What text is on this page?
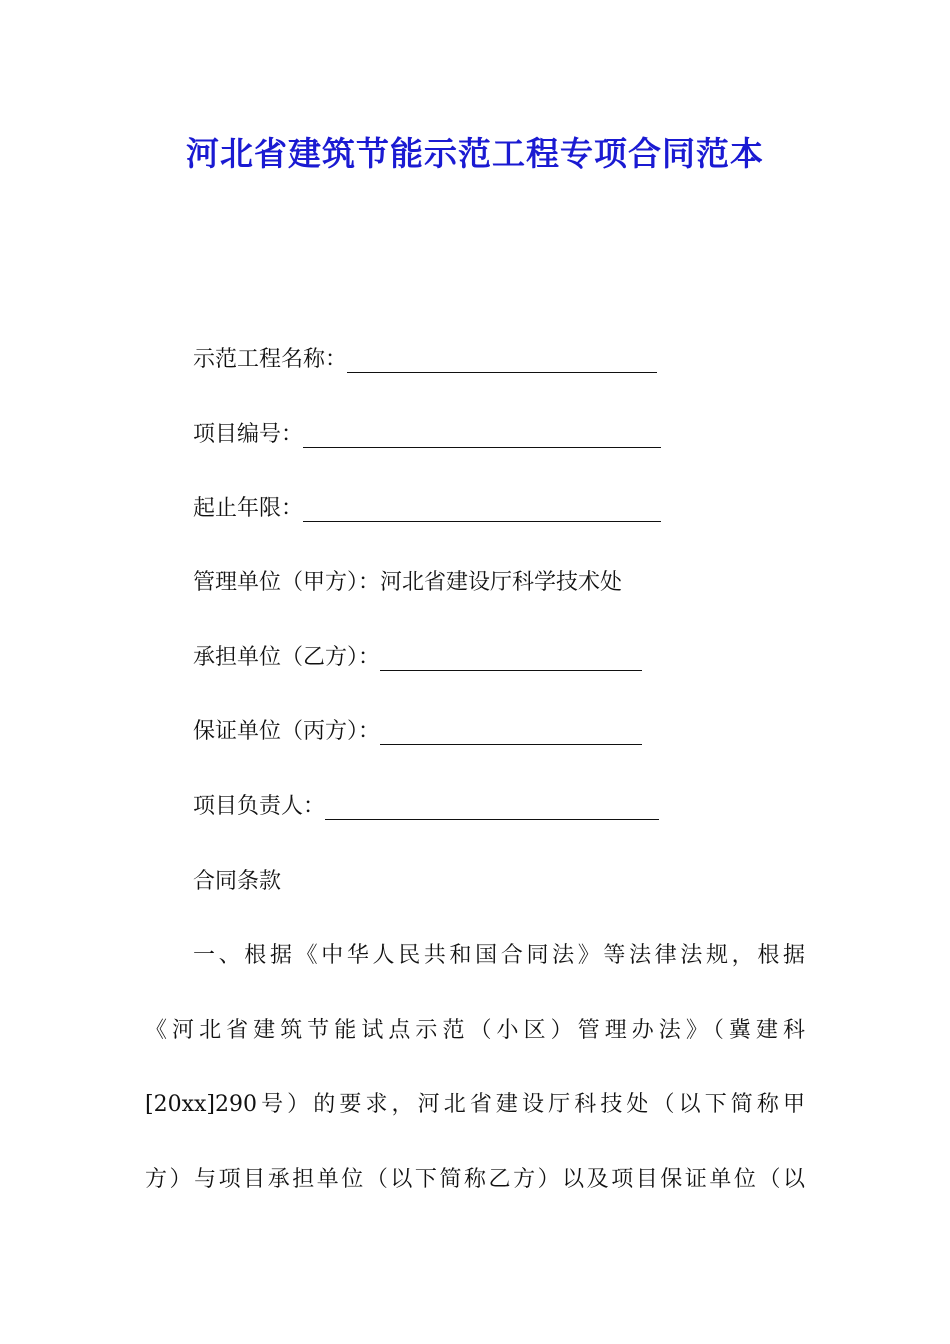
河北省建筑节能示范工程专项合同范本
示范工程名称：
项目编号：
起止年限：
管理单位（甲方）：河北省建设厅科学技术处
承担单位（乙方）：
保证单位（丙方）：
项目负责人：
合同条款
一、根据《中华人民共和国合同法》等法律法规，根据
《河北省建筑节能试点示范（小区）管理办法》（冀建科
[20xx]290号）的要求，河北省建设厅科技处（以下简称甲
方）与项目承担单位（以下简称乙方）以及项目保证单位（以
